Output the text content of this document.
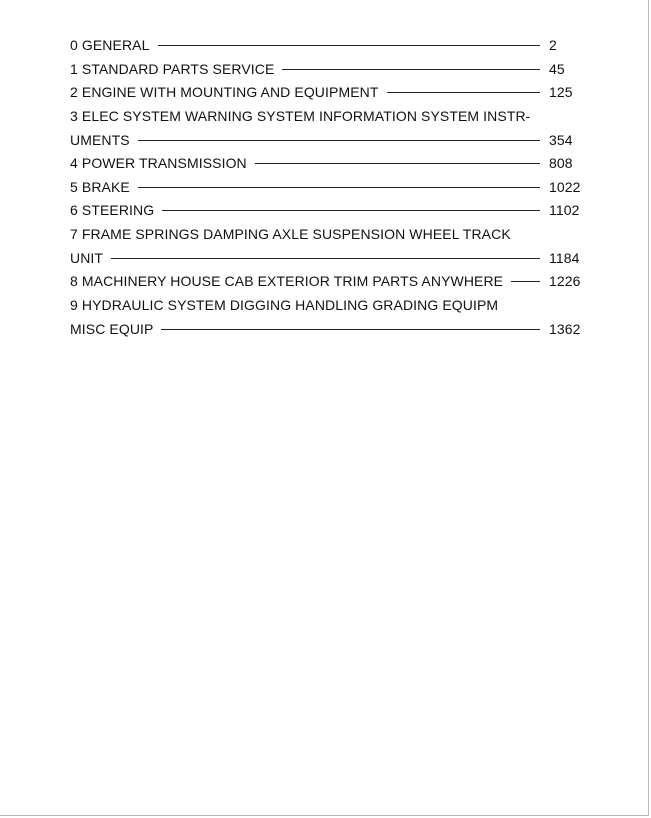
0 GENERAL	2
1 STANDARD PARTS SERVICE	45
2 ENGINE WITH MOUNTING AND EQUIPMENT	125
3 ELEC SYSTEM WARNING SYSTEM INFORMATION SYSTEM INSTR-
UMENTS	354
4 POWER TRANSMISSION	808
5 BRAKE	1022
6 STEERING	1102
7 FRAME SPRINGS DAMPING AXLE SUSPENSION WHEEL TRACK
UNIT	1184
8 MACHINERY HOUSE CAB EXTERIOR TRIM PARTS ANYWHERE	1226
9 HYDRAULIC SYSTEM DIGGING HANDLING GRADING EQUIPM
MISC EQUIP	1362
